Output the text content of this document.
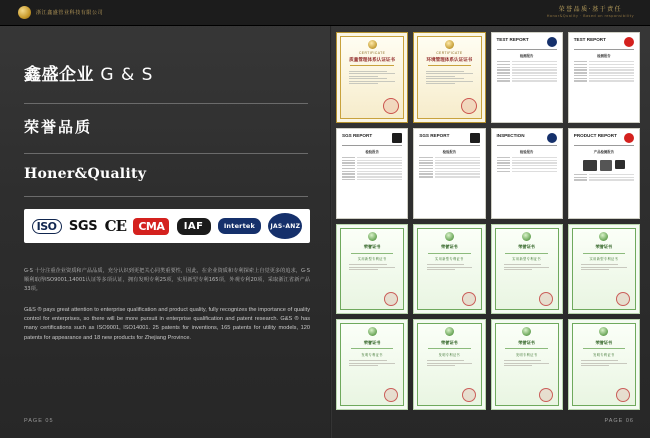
浙江鑫盛管业科技有限公司	荣誉品质·基于责任
Honor&Quality · Based on responsibility
鑫盛企业 G & S
荣誉品质
Honer&Quality
ISO SGS CE	CMA	IAF	Intertek	JAS-ANZ
G·S 十分注重企业资质和产品品质，充分认识到更把关心同类重要性，因此，在企业资质和专利探索上自觉更多的追求，G·S 顺利取得ISO9001,14001认证等多项认证，拥有发明专利25项，实用新型专利165项，外观专利20项，采取浙江省新产品33项。
G&S ® pays great attention to enterprise qualification and product quality, fully recognizes the importance of quality control for enterprises, so there will be more pursuit in enterprise qualification and patent research. G&S ® has many certifications such as ISO9001, ISO14001. 25 patents for inventions, 165 patents for utility models, 120 patents for appearance and 18 new products for Zhejiang Province.
PAGE 05
CERTIFICATE
质量管理体系认证证书
CERTIFICATE
环境管理体系认证证书
TEST REPORT
检测报告
TEST REPORT
检测报告
SGS REPORT
检验报告
SGS REPORT
检验报告
INSPECTION
检验报告
PRODUCT REPORT
产品检测报告
荣誉证书
实用新型专利证书
荣誉证书
实用新型专利证书
荣誉证书
实用新型专利证书
荣誉证书
实用新型专利证书
荣誉证书
发明专利证书
荣誉证书
发明专利证书
荣誉证书
发明专利证书
荣誉证书
发明专利证书
PAGE 06
